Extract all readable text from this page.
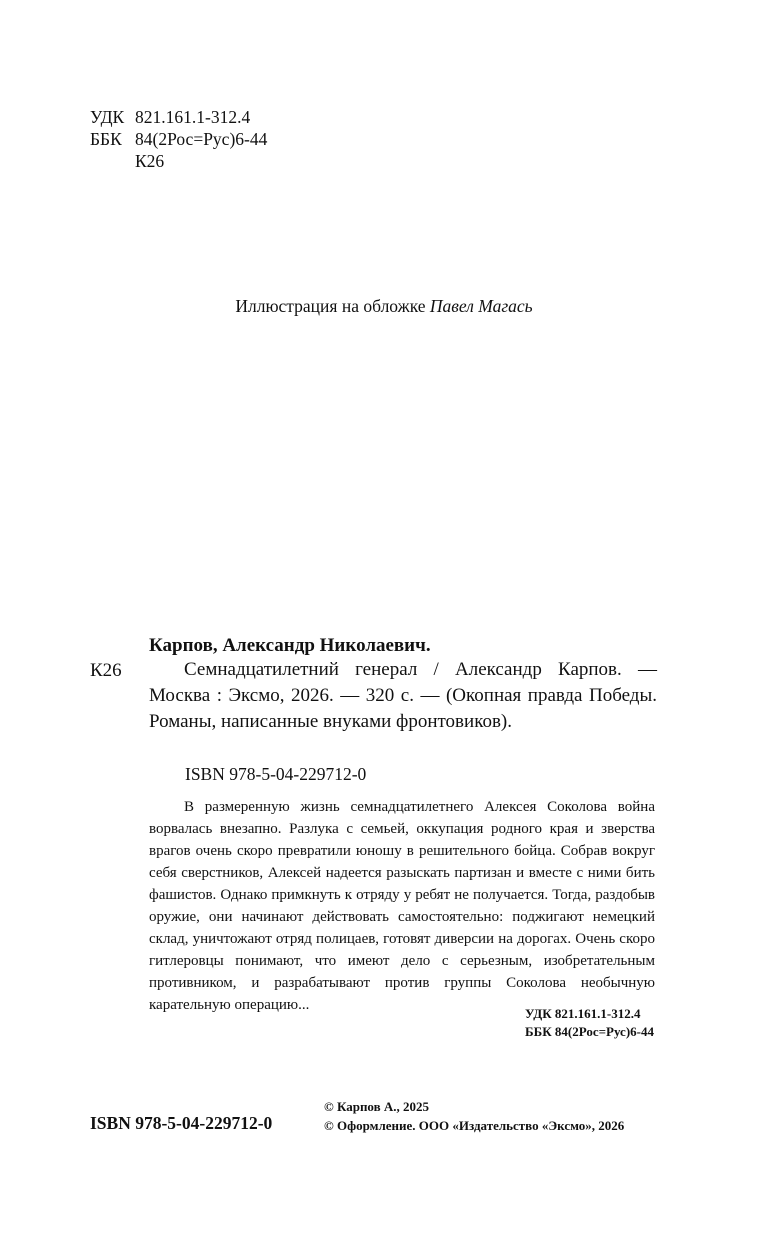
УДК 821.161.1-312.4
ББК 84(2Рос=Рус)6-44
К26
Иллюстрация на обложке Павел Магась
Карпов, Александр Николаевич.
К26	Семнадцатилетний генерал / Александр Карпов. — Москва : Эксмо, 2026. — 320 с. — (Окопная правда Победы. Романы, написанные внуками фронтовиков).

ISBN 978-5-04-229712-0

В размеренную жизнь семнадцатилетнего Алексея Соколова война ворвалась внезапно. Разлука с семьей, оккупация родного края и зверства врагов очень скоро превратили юношу в решительного бойца. Собрав вокруг себя сверстников, Алексей надеется разыскать партизан и вместе с ними бить фашистов. Однако примкнуть к отряду у ребят не получается. Тогда, раздобыв оружие, они начинают действовать самостоятельно: поджигают немецкий склад, уничтожают отряд полицаев, готовят диверсии на дорогах. Очень скоро гитлеровцы понимают, что имеют дело с серьезным, изобретательным противником, и разрабатывают против группы Соколова необычную карательную операцию...

УДК 821.161.1-312.4
ББК 84(2Рос=Рус)6-44
ISBN 978-5-04-229712-0
© Карпов А., 2025
© Оформление. ООО «Издательство «Эксмо», 2026
